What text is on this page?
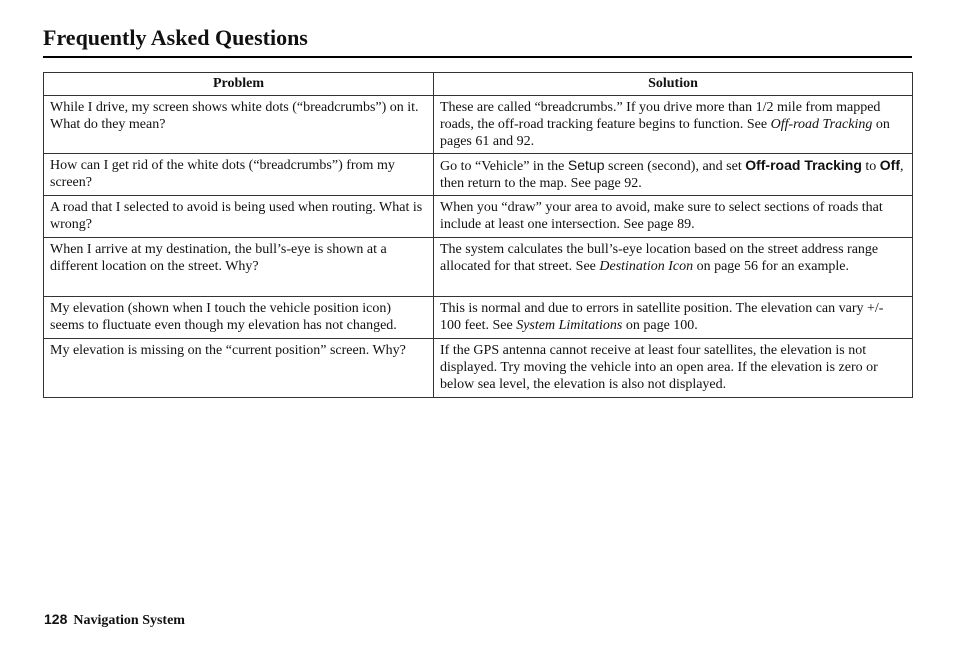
Frequently Asked Questions
Problem	Solution
While I drive, my screen shows white dots (“breadcrumbs”) on it. What do they mean?	These are called “breadcrumbs.” If you drive more than 1/2 mile from mapped roads, the off-road tracking feature begins to function. See Off-road Tracking on pages 61 and 92.
How can I get rid of the white dots (“breadcrumbs”) from my screen?	Go to “Vehicle” in the Setup screen (second), and set Off-road Tracking to Off, then return to the map. See page 92.
A road that I selected to avoid is being used when routing. What is wrong?	When you “draw” your area to avoid, make sure to select sections of roads that include at least one intersection. See page 89.
When I arrive at my destination, the bull’s-eye is shown at a different location on the street. Why?	The system calculates the bull’s-eye location based on the street address range allocated for that street. See Destination Icon on page 56 for an example.
My elevation (shown when I touch the vehicle position icon) seems to fluctuate even though my elevation has not changed.	This is normal and due to errors in satellite position. The elevation can vary +/- 100 feet. See System Limitations on page 100.
My elevation is missing on the “current position” screen. Why?	If the GPS antenna cannot receive at least four satellites, the elevation is not displayed. Try moving the vehicle into an open area. If the elevation is zero or below sea level, the elevation is also not displayed.
128 Navigation System
